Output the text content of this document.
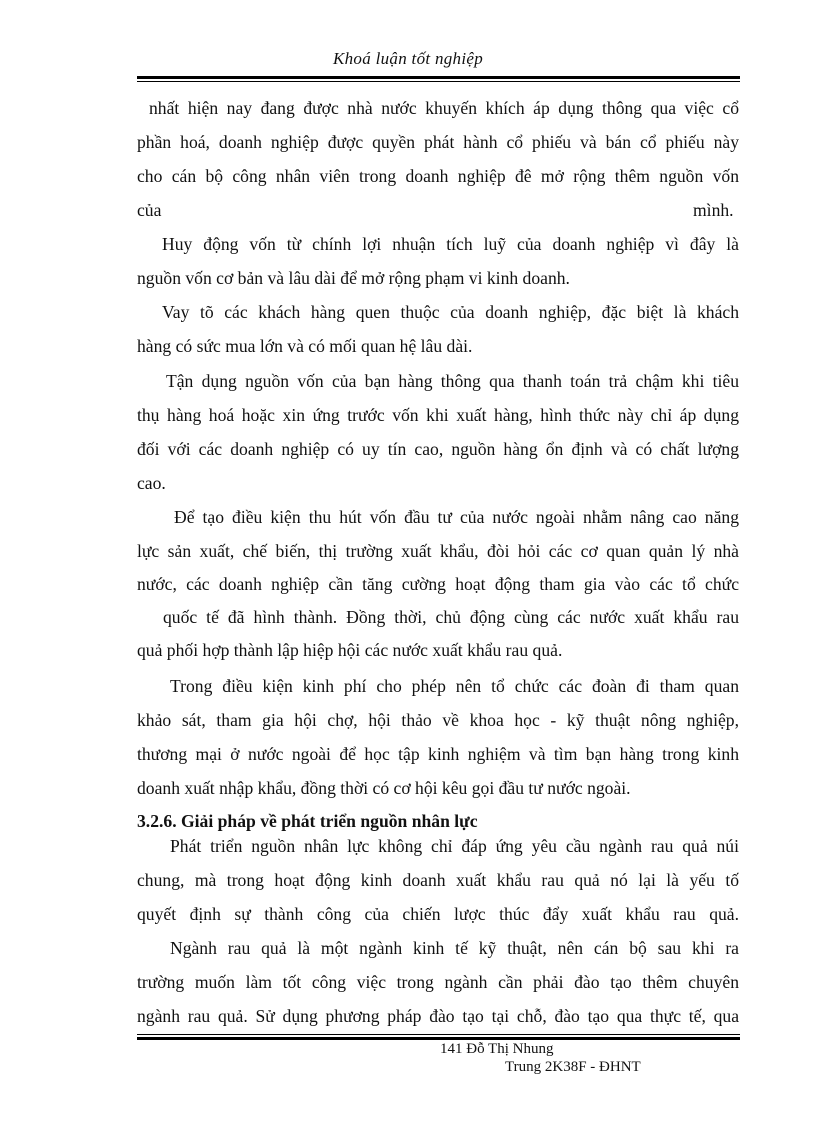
Khoá luận tốt nghiệp
nhất hiện nay đang được nhà nước khuyến khích áp dụng thông qua việc cổ
phần hoá, doanh nghiệp được quyền phát hành cổ phiếu và bán cổ phiếu này
cho cán bộ công nhân viên trong doanh nghiệp đê mở rộng thêm nguồn vốn
của	mình.
Huy động vốn từ chính lợi nhuận tích luỹ của doanh nghiệp vì đây là
nguồn vốn cơ bản và lâu dài để mở rộng phạm vi kinh doanh.
Vay tõ các khách hàng quen thuộc của doanh nghiệp, đặc biệt là khách
hàng có sức mua lớn và có mối quan hệ lâu dài.
Tận dụng nguồn vốn của bạn hàng thông qua thanh toán trả chậm khi tiêu
thụ hàng hoá hoặc xin ứng trước vốn khi xuất hàng, hình thức này chỉ áp dụng
đối với các doanh nghiệp có uy tín cao, nguồn hàng ổn định và có chất lượng
cao.
Để tạo điều kiện thu hút vốn đầu tư của nước ngoài nhằm nâng cao năng
lực sản xuất, chế biến, thị trường xuất khẩu, đòi hỏi các cơ quan quản lý nhà
nước, các doanh nghiệp cần tăng cường hoạt động tham gia vào các tổ chức
quốc tế đã hình thành. Đồng thời, chủ động cùng các nước xuất khẩu rau
quả phối hợp thành lập hiệp hội các nước xuất khẩu rau quả.
Trong điều kiện kinh phí cho phép nên tổ chức các đoàn đi tham quan
khảo sát, tham gia hội chợ, hội thảo về khoa học - kỹ thuật nông nghiệp,
thương mại ở nước ngoài để học tập kinh nghiệm và tìm bạn hàng trong kinh
doanh xuất nhập khẩu, đồng thời có cơ hội kêu gọi đầu tư nước ngoài.
3.2.6. Giải pháp về phát triển nguồn nhân lực
Phát triển nguồn nhân lực không chỉ đáp ứng yêu cầu ngành rau quả núi
chung, mà trong hoạt động kinh doanh xuất khẩu rau quả nó lại là yếu tố
quyết định sự thành công của chiến lược thúc đẩy xuất khẩu rau quả.
Ngành rau quả là một ngành kinh tế kỹ thuật, nên cán bộ sau khi ra
trường muốn làm tốt công việc trong ngành cần phải đào tạo thêm chuyên
ngành rau quả. Sử dụng phương pháp đào tạo tại chỗ, đào tạo qua thực tế, qua
141 Đỗ Thị Nhung
Trung 2K38F - ĐHNT
